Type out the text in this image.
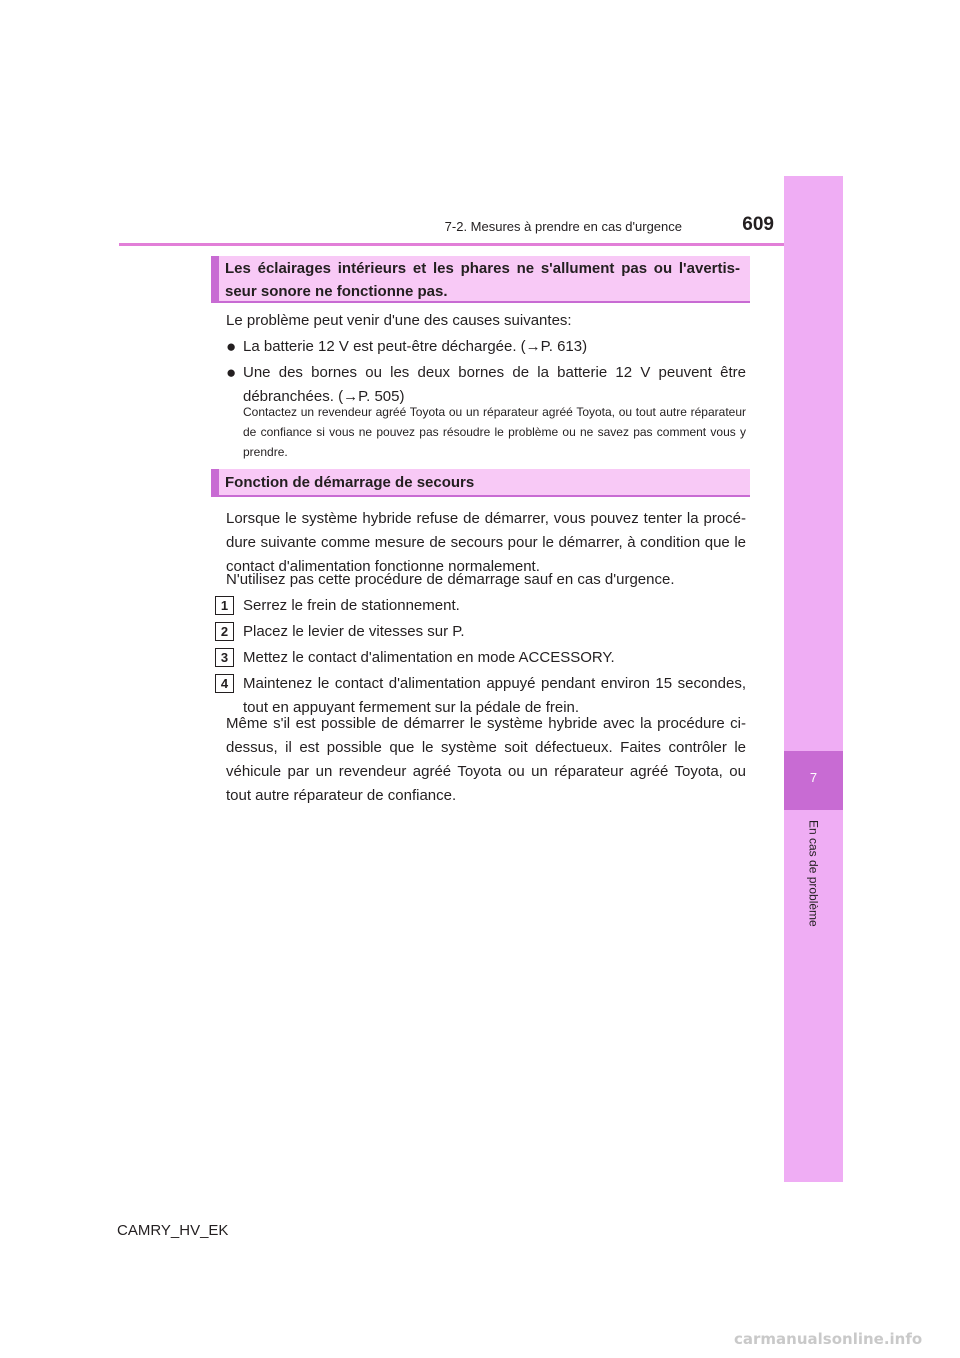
7-2. Mesures à prendre en cas d'urgence	609
7
En cas de problème
Les éclairages intérieurs et les phares ne s'allument pas ou l'avertis-seur sonore ne fonctionne pas.
Le problème peut venir d'une des causes suivantes:
● La batterie 12 V est peut-être déchargée. (→P. 613)
● Une des bornes ou les deux bornes de la batterie 12 V peuvent être débranchées. (→P. 505)
Contactez un revendeur agréé Toyota ou un réparateur agréé Toyota, ou tout autre réparateur de confiance si vous ne pouvez pas résoudre le problème ou ne savez pas comment vous y prendre.
Fonction de démarrage de secours
Lorsque le système hybride refuse de démarrer, vous pouvez tenter la procé-dure suivante comme mesure de secours pour le démarrer, à condition que le contact d'alimentation fonctionne normalement.
N'utilisez pas cette procédure de démarrage sauf en cas d'urgence.
1 Serrez le frein de stationnement.
2 Placez le levier de vitesses sur P.
3 Mettez le contact d'alimentation en mode ACCESSORY.
4 Maintenez le contact d'alimentation appuyé pendant environ 15 secondes, tout en appuyant fermement sur la pédale de frein.
Même s'il est possible de démarrer le système hybride avec la procédure ci-dessus, il est possible que le système soit défectueux. Faites contrôler le véhicule par un revendeur agréé Toyota ou un réparateur agréé Toyota, ou tout autre réparateur de confiance.
CAMRY_HV_EK
carmanualsonline.info
